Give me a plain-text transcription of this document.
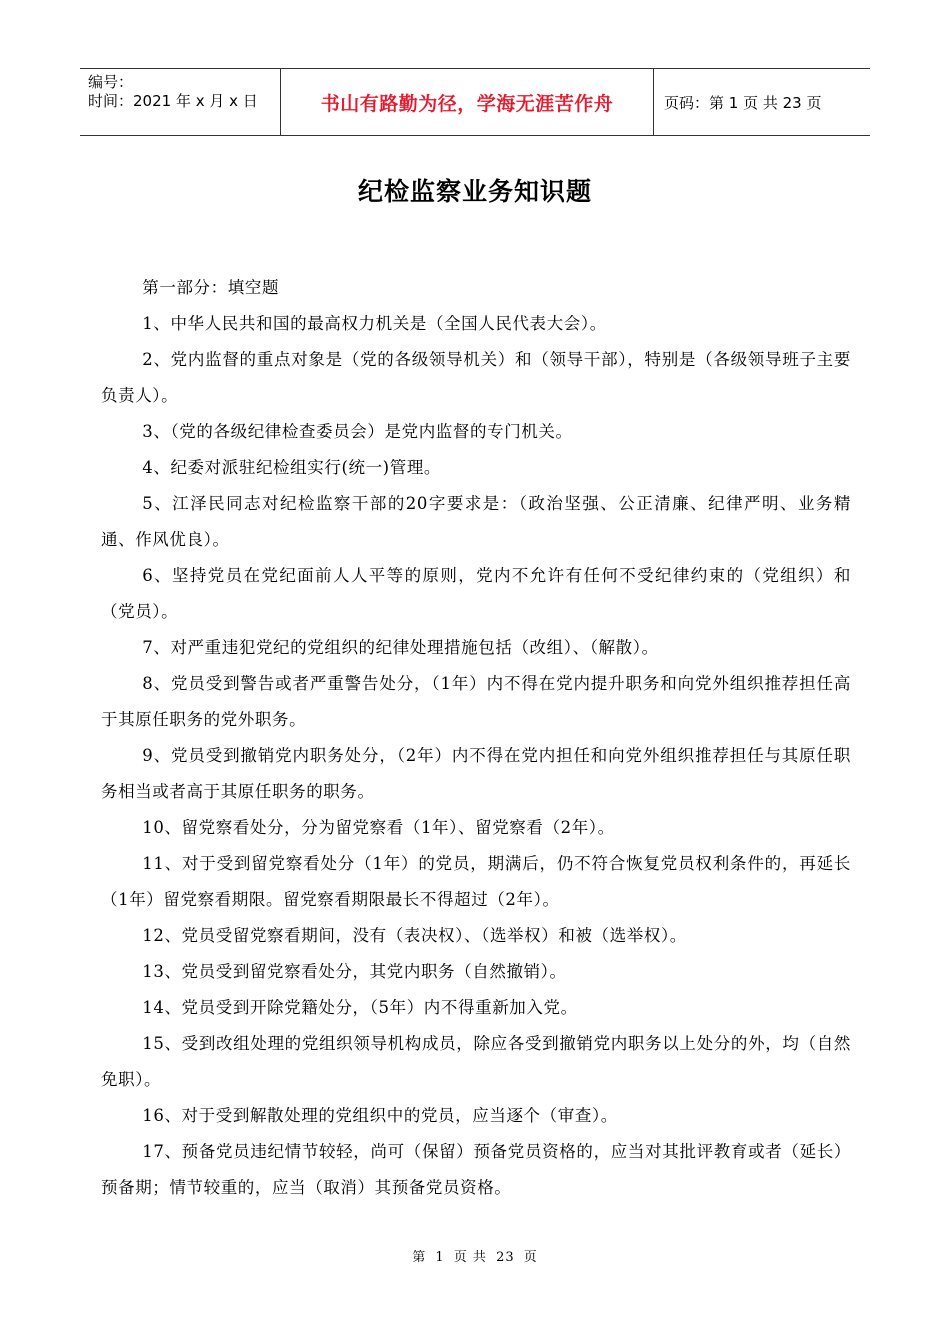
编号：
时间：2021 年 x 月 x 日	书山有路勤为径，学海无涯苦作舟	页码：第 1 页 共 23 页
纪检监察业务知识题

第一部分：填空题

1、中华人民共和国的最高权力机关是（全国人民代表大会）。

2、党内监督的重点对象是（党的各级领导机关）和（领导干部），特别是（各级领导班子主要负责人）。

3、（党的各级纪律检查委员会）是党内监督的专门机关。

4、纪委对派驻纪检组实行(统一)管理。

5、江泽民同志对纪检监察干部的20字要求是：（政治坚强、公正清廉、纪律严明、业务精通、作风优良）。

6、坚持党员在党纪面前人人平等的原则，党内不允许有任何不受纪律约束的（党组织）和（党员）。

7、对严重违犯党纪的党组织的纪律处理措施包括（改组）、（解散）。

8、党员受到警告或者严重警告处分，（1年）内不得在党内提升职务和向党外组织推荐担任高于其原任职务的党外职务。

9、党员受到撤销党内职务处分，（2年）内不得在党内担任和向党外组织推荐担任与其原任职务相当或者高于其原任职务的职务。

10、留党察看处分，分为留党察看（1年）、留党察看（2年）。

11、对于受到留党察看处分（1年）的党员，期满后，仍不符合恢复党员权利条件的，再延长（1年）留党察看期限。留党察看期限最长不得超过（2年）。

12、党员受留党察看期间，没有（表决权）、（选举权）和被（选举权）。

13、党员受到留党察看处分，其党内职务（自然撤销）。

14、党员受到开除党籍处分，（5年）内不得重新加入党。

15、受到改组处理的党组织领导机构成员，除应各受到撤销党内职务以上处分的外，均（自然免职）。

16、对于受到解散处理的党组织中的党员，应当逐个（审查）。

17、预备党员违纪情节较轻，尚可（保留）预备党员资格的，应当对其批评教育或者（延长）预备期；情节较重的，应当（取消）其预备党员资格。

第 1 页 共 23 页
